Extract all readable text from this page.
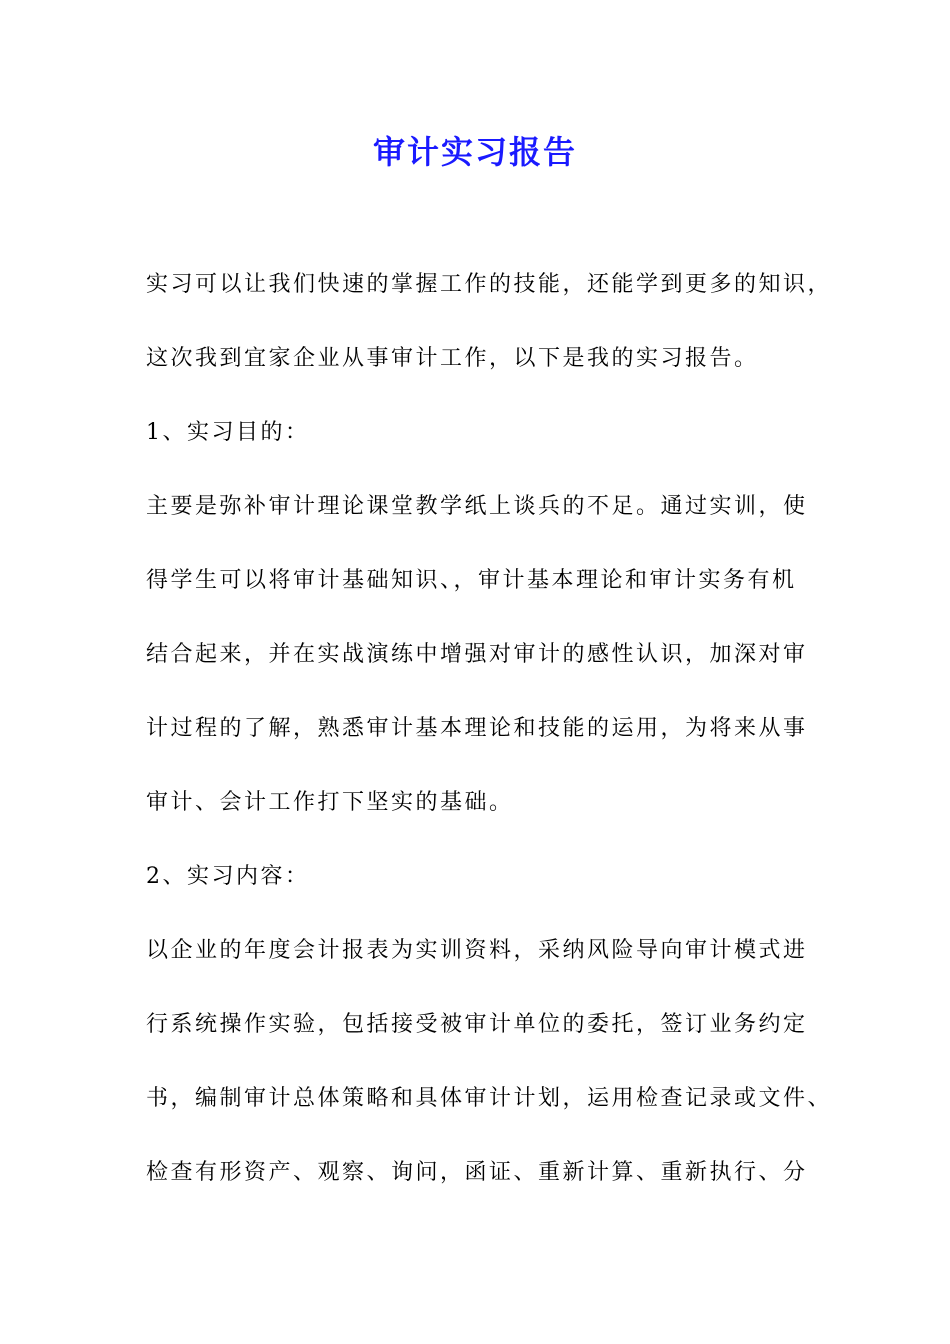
审计实习报告
实习可以让我们快速的掌握工作的技能，还能学到更多的知识，
这次我到宜家企业从事审计工作，以下是我的实习报告。
1、实习目的：
主要是弥补审计理论课堂教学纸上谈兵的不足。通过实训，使
得学生可以将审计基础知识、，审计基本理论和审计实务有机
结合起来，并在实战演练中增强对审计的感性认识，加深对审
计过程的了解，熟悉审计基本理论和技能的运用，为将来从事
审计、会计工作打下坚实的基础。
2、实习内容：
以企业的年度会计报表为实训资料，采纳风险导向审计模式进
行系统操作实验，包括接受被审计单位的委托，签订业务约定
书，编制审计总体策略和具体审计计划，运用检查记录或文件、
检查有形资产、观察、询问，函证、重新计算、重新执行、分
